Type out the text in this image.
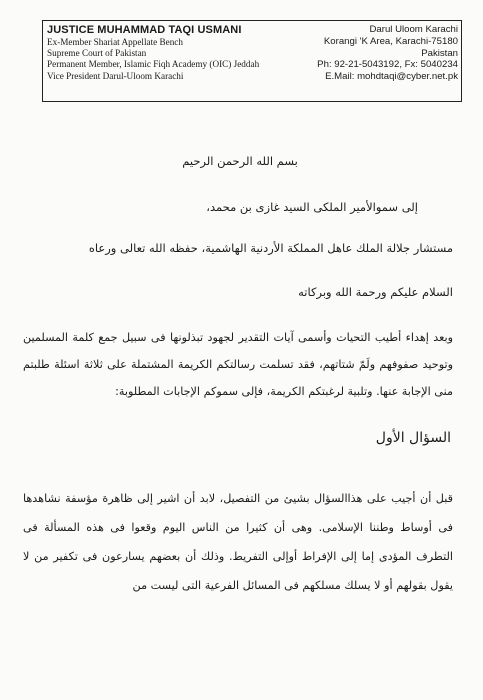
JUSTICE MUHAMMAD TAQI USMANI
Ex-Member Shariat Appellate Bench
Supreme Court of Pakistan
Permanent Member, Islamic Fiqh Academy (OIC) Jeddah
Vice President Darul-Uloom Karachi
Darul Uloom Karachi
Korangi 'K Area, Karachi-75180
Pakistan
Ph: 92-21-5043192, Fx: 5040234
E.Mail: mohdtaqi@cyber.net.pk
بسم الله الرحمن الرحيم
إلى سموالأمير الملكى السيد غازى بن محمد،
مستشار جلالة الملك عاهل المملكة الأردنية الهاشمية، حفظه الله تعالى ورعاه
السلام عليكم ورحمة الله وبركاته
وبعد إهداء أطيب التحيات وأسمى آيات التقدير لجهود تبذلونها فى سبيل جمع كلمة المسلمين وتوحيد صفوفهم ولَمّ شتاتهم، فقد تسلمت رسالتكم الكريمة المشتملة على ثلاثة اسئلة طلبتم منى الإجابة عنها. وتلبية لرغبتكم الكريمة، فإلى سموكم الإجابات المطلوبة:
السؤال الأول
قبل أن أجيب على هذاالسؤال بشيئ من التفصيل، لابد أن اشير إلى ظاهرة مؤسفة نشاهدها فى أوساط وطننا الإسلامى. وهى أن كثيرا من الناس اليوم وقعوا فى هذه المسألة فى التطرف المؤدى إما إلى الإفراط أوإلى التفريط. وذلك أن بعضهم يسارعون فى تكفير من لا يقول بقولهم أو لا يسلك مسلكهم فى المسائل الفرعية التى ليست من
